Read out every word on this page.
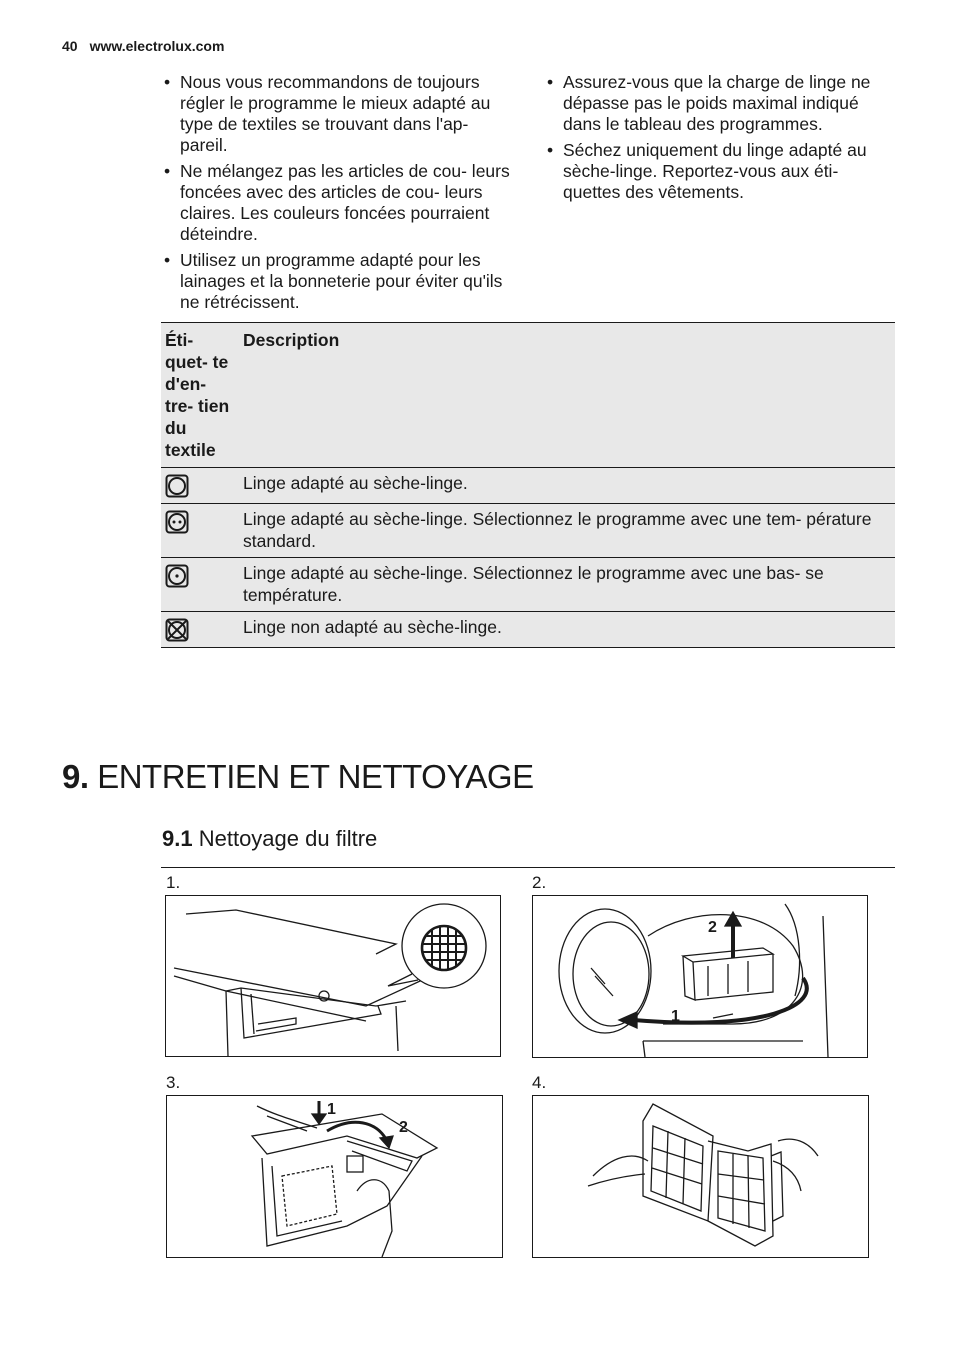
40 www.electrolux.com
• Nous vous recommandons de toujours régler le programme le mieux adapté au type de textiles se trouvant dans l'ap- pareil.
• Ne mélangez pas les articles de cou- leurs foncées avec des articles de cou- leurs claires. Les couleurs foncées pourraient déteindre.
• Utilisez un programme adapté pour les lainages et la bonneterie pour éviter qu'ils ne rétrécissent.
• Assurez-vous que la charge de linge ne dépasse pas le poids maximal indiqué dans le tableau des programmes.
• Séchez uniquement du linge adapté au sèche-linge. Reportez-vous aux éti- quettes des vêtements.
Éti- quet- te d'en- tre- tien du textile	Description

	Linge adapté au sèche-linge.

	Linge adapté au sèche-linge. Sélectionnez le programme avec une tem- pérature standard.

	Linge adapté au sèche-linge. Sélectionnez le programme avec une bas- se température.

	Linge non adapté au sèche-linge.
9. ENTRETIEN ET NETTOYAGE
9.1 Nettoyage du filtre
1.	2.
3.	4.
2
1
1
2
